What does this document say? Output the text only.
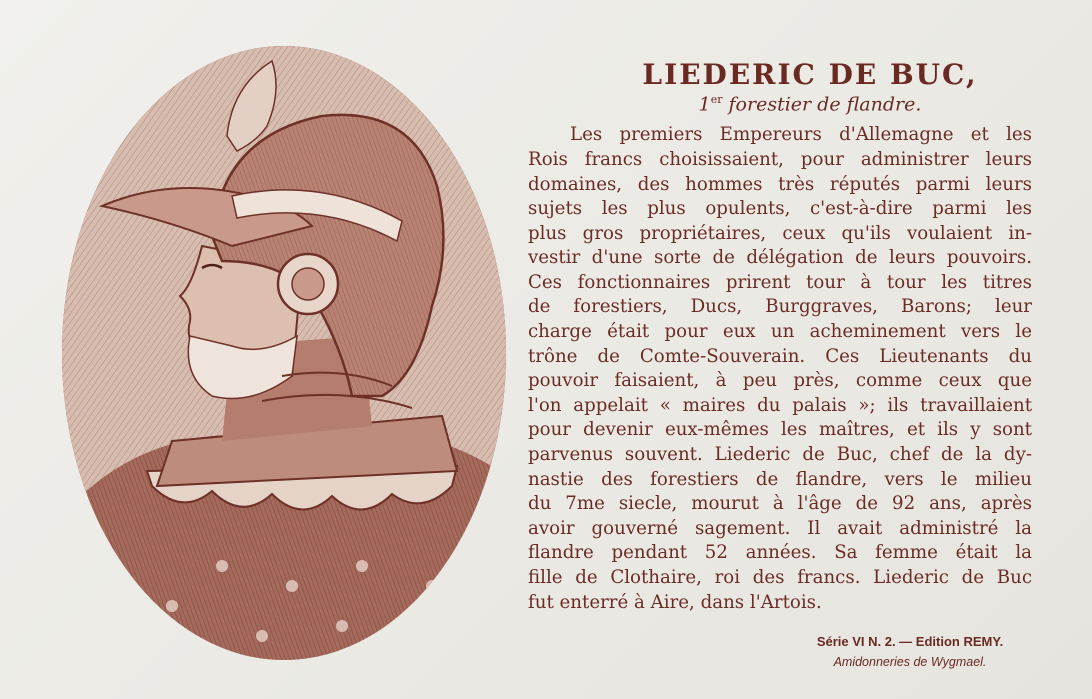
LIEDERIC DE BUC,
1er forestier de flandre.

Les premiers Empereurs d'Allemagne et les
Rois francs choisissaient, pour administrer leurs
domaines, des hommes très réputés parmi leurs
sujets les plus opulents, c'est-à-dire parmi les
plus gros propriétaires, ceux qu'ils voulaient in-
vestir d'une sorte de délégation de leurs pouvoirs.
Ces fonctionnaires prirent tour à tour les titres
de forestiers, Ducs, Burggraves, Barons; leur
charge était pour eux un acheminement vers le
trône de Comte-Souverain. Ces Lieutenants du
pouvoir faisaient, à peu près, comme ceux que
l'on appelait « maires du palais »; ils travaillaient
pour devenir eux-mêmes les maîtres, et ils y sont
parvenus souvent. Liederic de Buc, chef de la dy-
nastie des forestiers de flandre, vers le milieu
du 7me siecle, mourut à l'âge de 92 ans, après
avoir gouverné sagement. Il avait administré la
flandre pendant 52 années. Sa femme était la
fille de Clothaire, roi des francs. Liederic de Buc
fut enterré à Aire, dans l'Artois.

Série VI N. 2. — Edition REMY.

Amidonneries de Wygmael.
